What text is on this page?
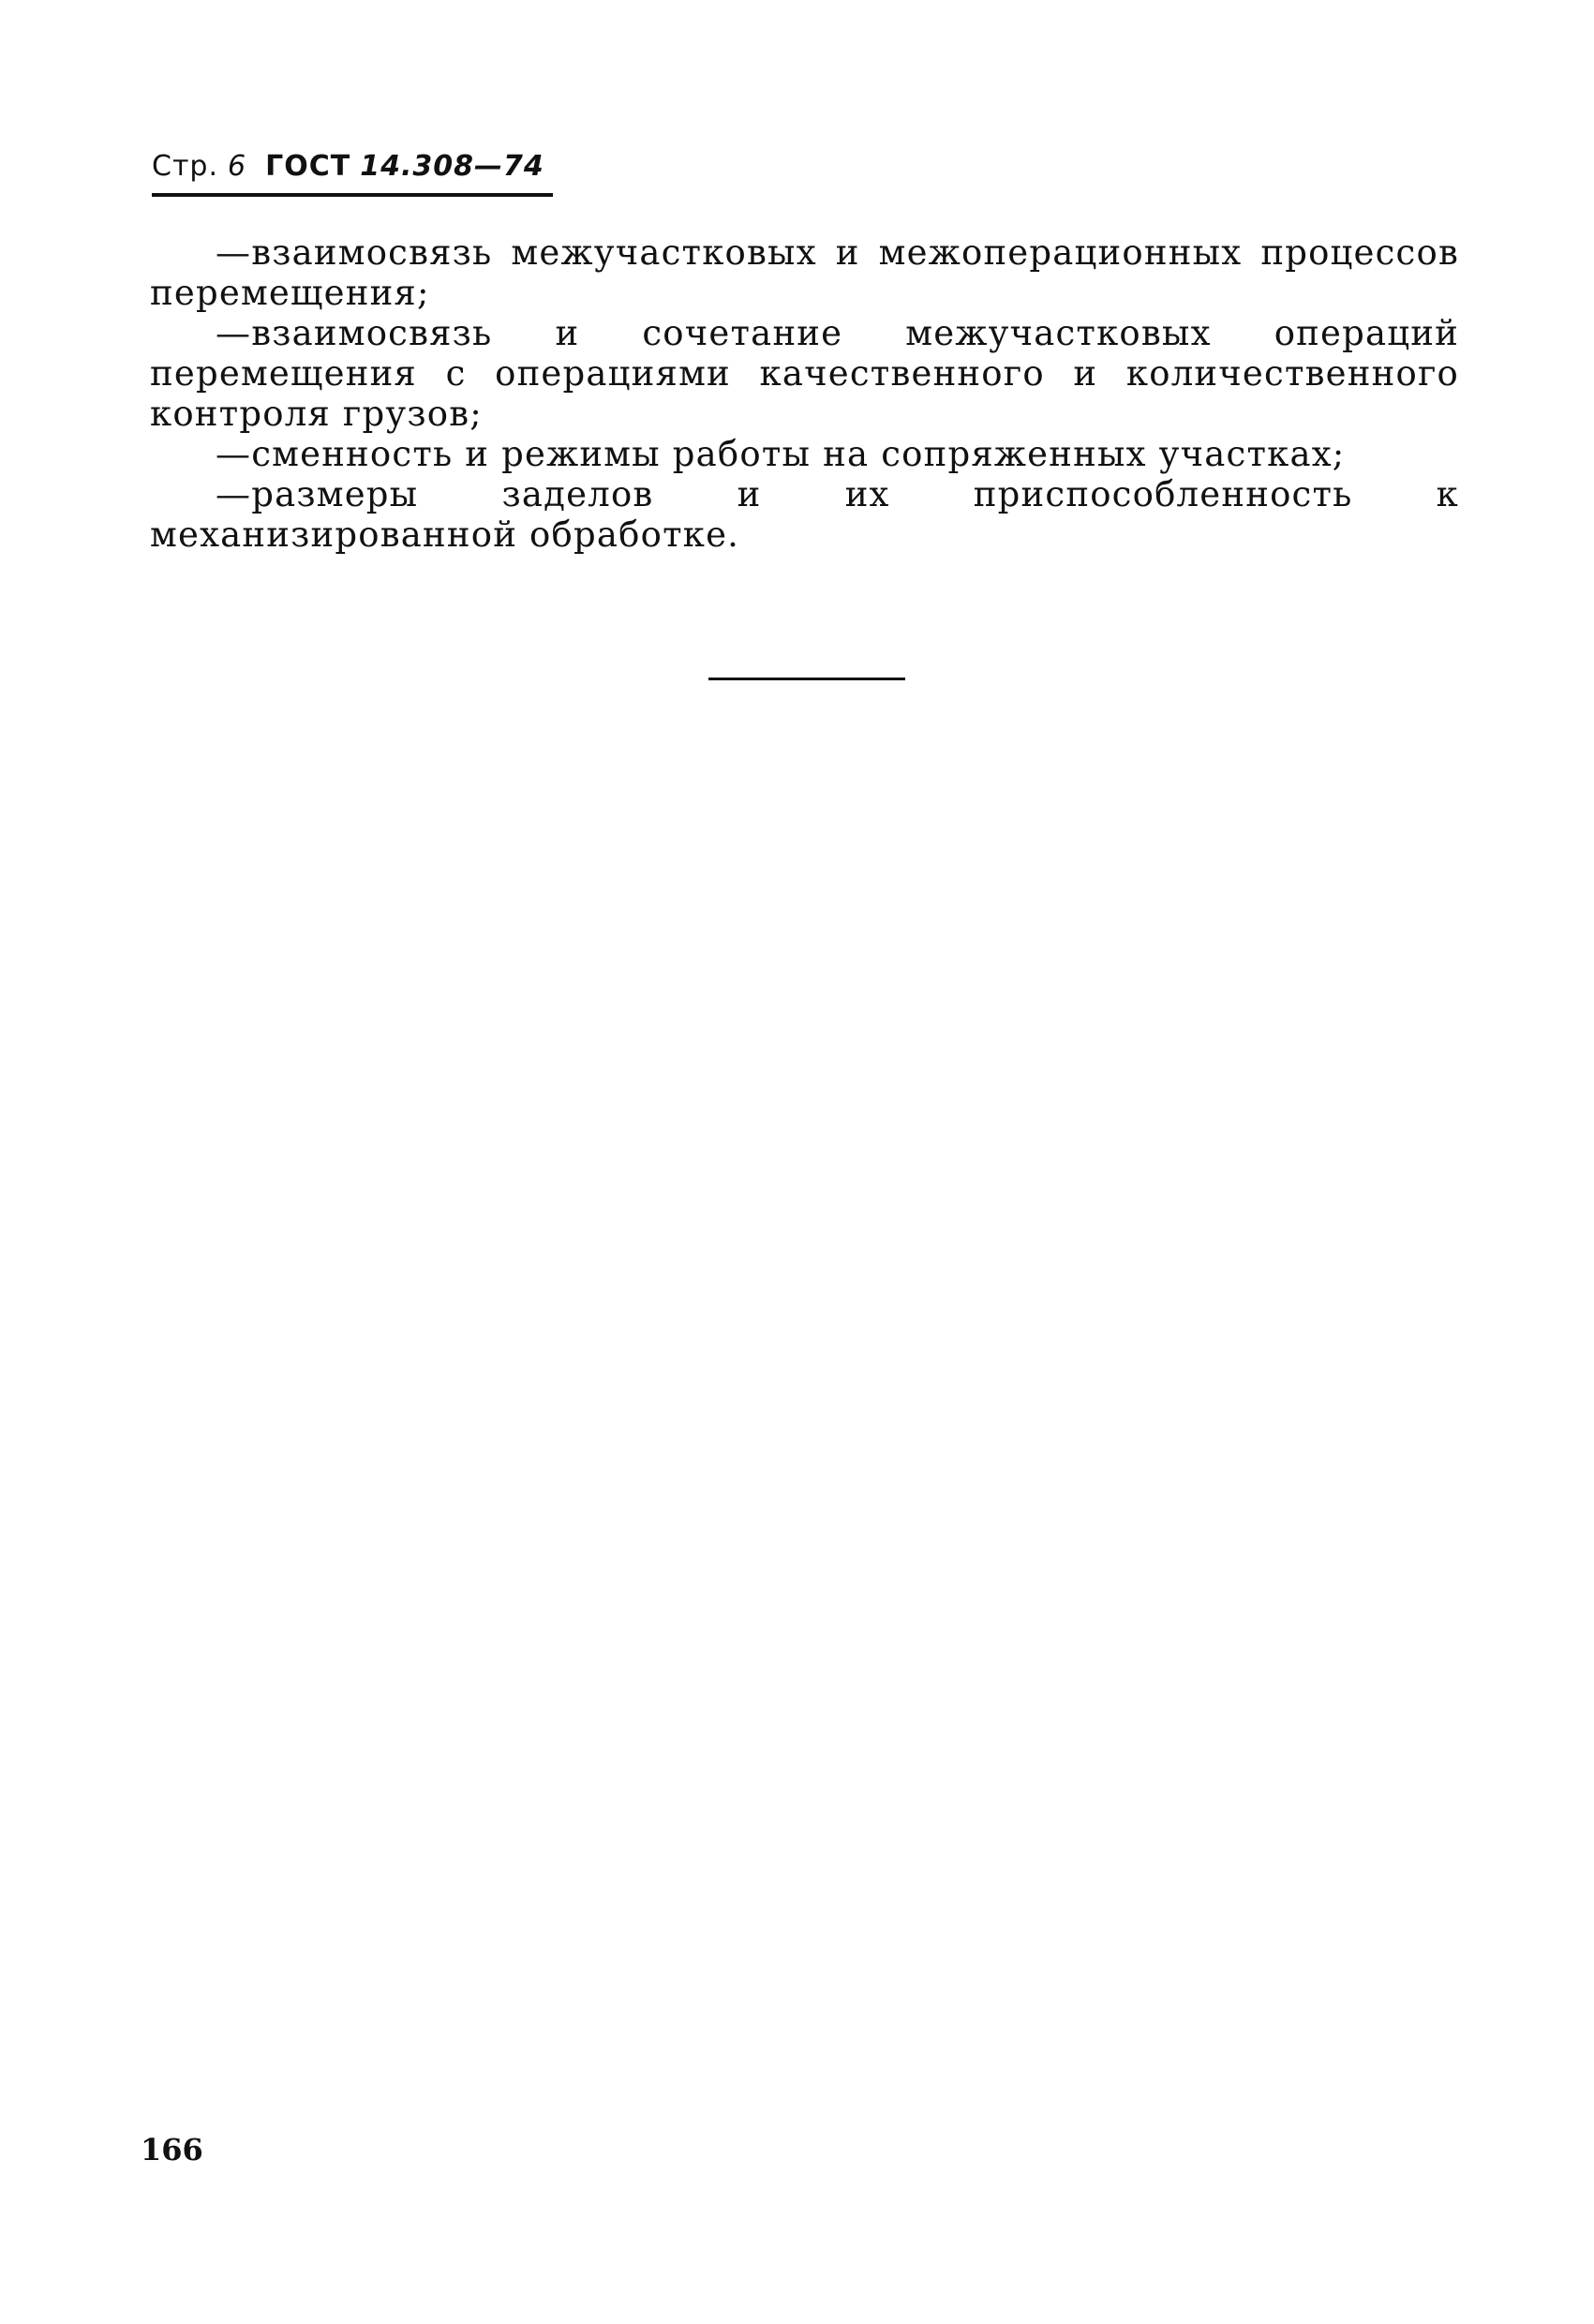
Стр. 6 ГОСТ 14.308—74

—взаимосвязь межучастковых и межоперационных процессов перемещения;

—взаимосвязь и сочетание межучастковых операций перемещения с операциями качественного и количественного контроля грузов;

—сменность и режимы работы на сопряженных участках;

—размеры заделов и их приспособленность к механизированной обработке.

166
